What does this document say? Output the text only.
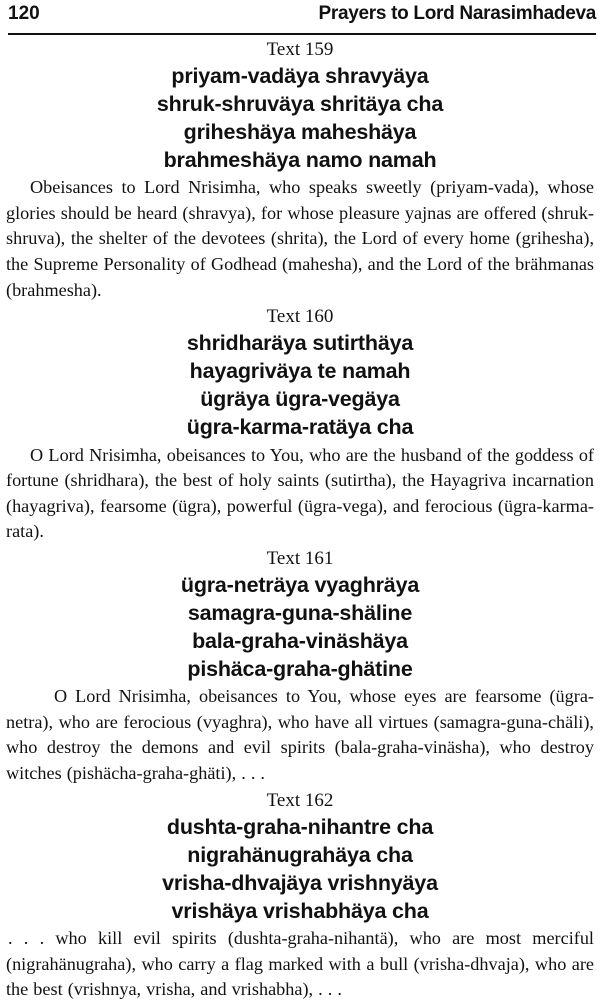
120	Prayers to Lord Narasimhadeva
Text 159
priyam-vadäya shravyäya
shruk-shruväya shritäya cha
griheshäya maheshäya
brahmeshäya namo namah

Obeisances to Lord Nrisimha, who speaks sweetly (priyam-vada), whose glories should be heard (shravya), for whose pleasure yajnas are offered (shruk-shruva), the shelter of the devotees (shrita), the Lord of every home (grihesha), the Supreme Personality of Godhead (mahesha), and the Lord of the brähmanas (brahmesha).

Text 160
shridharäya sutirthäya
hayagriväya te namah
ügräya ügra-vegäya
ügra-karma-ratäya cha

O Lord Nrisimha, obeisances to You, who are the husband of the goddess of fortune (shridhara), the best of holy saints (sutirtha), the Hayagriva incarnation (hayagriva), fearsome (ügra), powerful (ügra-vega), and ferocious (ügra-karma-rata).

Text 161
ügra-neträya vyaghräya
samagra-guna-shäline
bala-graha-vinäshäya
pishäca-graha-ghätine

O Lord Nrisimha, obeisances to You, whose eyes are fearsome (ügra-netra), who are ferocious (vyaghra), who have all virtues (samagra-guna-chäli), who destroy the demons and evil spirits (bala-graha-vinäsha), who destroy witches (pishächa-graha-ghäti), . . .

Text 162
dushta-graha-nihantre cha
nigrahänugrahäya cha
vrisha-dhvajäya vrishnyäya
vrishäya vrishabhäya cha

. . . who kill evil spirits (dushta-graha-nihantä), who are most merciful (nigrahänugraha), who carry a flag marked with a bull (vrisha-dhvaja), who are the best (vrishnya, vrisha, and vrishabha), . . .
